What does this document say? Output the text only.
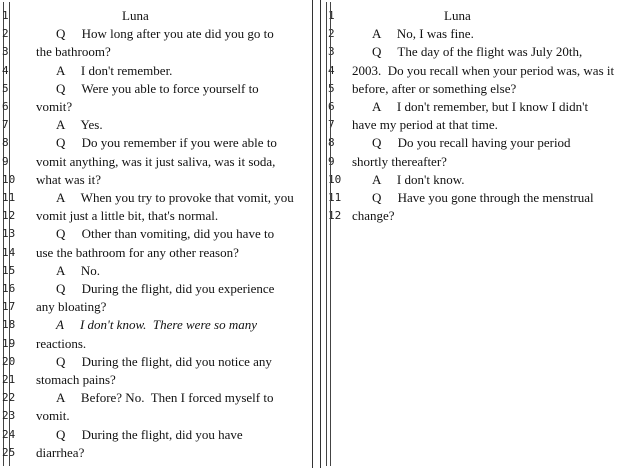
1	Luna
2	Q     How long after you ate did you go to
3 the bathroom?
4	A     I don't remember.
5	Q     Were you able to force yourself to
6 vomit?
7	A     Yes.
8	Q     Do you remember if you were able to
9 vomit anything, was it just saliva, was it soda,
10 what was it?
11	A     When you try to provoke that vomit, you
12 vomit just a little bit, that's normal.
13	Q     Other than vomiting, did you have to
14 use the bathroom for any other reason?
15	A     No.
16	Q     During the flight, did you experience
17 any bloating?
18	A     I don't know.  There were so many
19 reactions.
20	Q     During the flight, did you notice any
21 stomach pains?
22	A     Before? No.  Then I forced myself to
23 vomit.
24	Q     During the flight, did you have
25 diarrhea?
1	Luna
2	A     No, I was fine.
3	Q     The day of the flight was July 20th,
4 2003.  Do you recall when your period was, was it
5 before, after or something else?
6	A     I don't remember, but I know I didn't
7 have my period at that time.
8	Q     Do you recall having your period
9 shortly thereafter?
10	A     I don't know.
11	Q     Have you gone through the menstrual
12 change?
